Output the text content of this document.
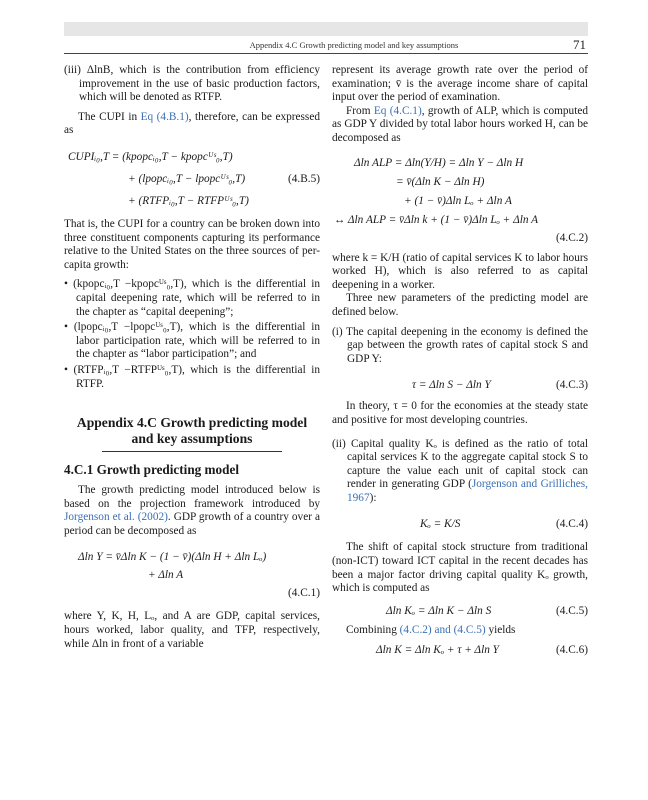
Appendix 4.C Growth predicting model and key assumptions	71

(iii) ΔlnB, which is the contribution from efficiency improvement in the use of basic production factors, which will be denoted as RTFP.

The CUPI in Eq (4.B.1), therefore, can be expressed as

CUPIᵢ₀,T = (kpopcᵢ₀,T − kpopcᵁˢ₀,T)
+ (lpopcᵢ₀,T − lpopcᵁˢ₀,T)	(4.B.5)
+ (RTFPᵢ₀,T − RTFPᵁˢ₀,T)

That is, the CUPI for a country can be broken down into three constituent components capturing its performance relative to the United States on the three sources of per-capita growth:

• (kpopcᵢ₀,T −kpopcᵁˢ₀,T), which is the differential in capital deepening rate, which will be referred to in the chapter as “capital deepening”;

• (lpopcᵢ₀,T −lpopcᵁˢ₀,T), which is the differential in labor participation rate, which will be referred to in the chapter as “labor participation”; and

• (RTFPᵢ₀,T −RTFPᵁˢ₀,T), which is the differential in RTFP.

Appendix 4.C Growth predicting model
and key assumptions
4.C.1 Growth predicting model

The growth predicting model introduced below is based on the projection framework introduced by Jorgenson et al. (2002). GDP growth of a country over a period can be decomposed as

Δln Y = v̄Δln K − (1 − v̄)(Δln H + Δln Lₒ)
+ Δln A
(4.C.1)

where Y, K, H, Lₒ, and A are GDP, capital services, hours worked, labor quality, and TFP, respectively, while Δln in front of a variable

represent its average growth rate over the period of examination; v̄ is the average income share of capital input over the period of examination.

From Eq (4.C.1), growth of ALP, which is computed as GDP Y divided by total labor hours worked H, can be decomposed as

Δln ALP = Δln(Y/H) = Δln Y − Δln H
= v̄(Δln K − Δln H)
+ (1 − v̄)Δln Lₒ + Δln A
↔ Δln ALP = v̄Δln k + (1 − v̄)Δln Lₒ + Δln A
(4.C.2)

where k = K/H (ratio of capital services K to labor hours worked H), which is also referred to as capital deepening in a worker.

Three new parameters of the predicting model are defined below.

(i) The capital deepening in the economy is defined the gap between the growth rates of capital stock S and GDP Y:

τ = Δln S − Δln Y	(4.C.3)

In theory, τ = 0 for the economies at the steady state and positive for most developing countries.

(ii) Capital quality Kₒ is defined as the ratio of total capital services K to the aggregate capital stock S to capture the value each unit of capital stock can render in generating GDP (Jorgenson and Grilliches, 1967):

Kₒ = K/S	(4.C.4)

The shift of capital stock structure from traditional (non-ICT) toward ICT capital in the recent decades has been a major factor driving capital quality Kₒ growth, which is computed as

Δln Kₒ = Δln K − Δln S	(4.C.5)

Combining (4.C.2) and (4.C.5) yields

Δln K = Δln Kₒ + τ + Δln Y	(4.C.6)
